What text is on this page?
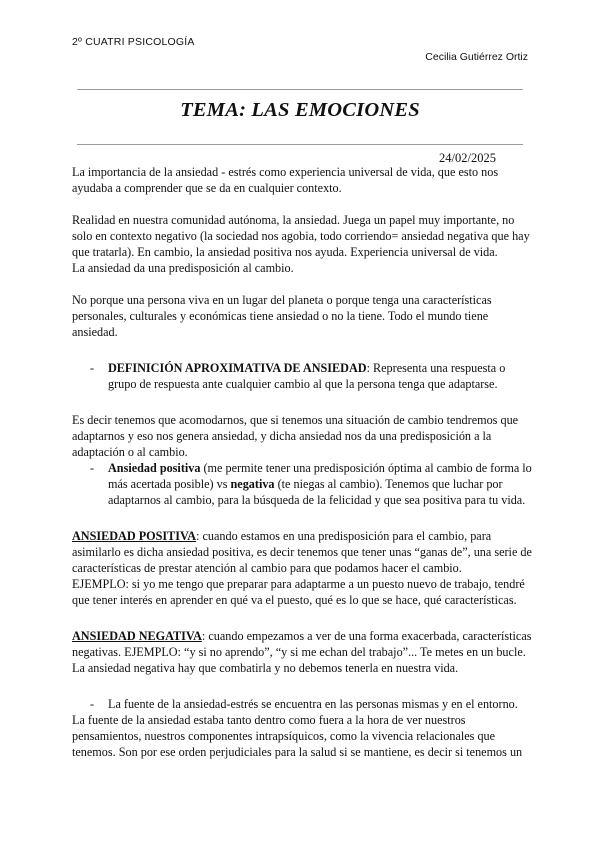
2º CUATRI PSICOLOGÍA
Cecilia Gutiérrez Ortiz
TEMA: LAS EMOCIONES
24/02/2025

La importancia de la ansiedad - estrés como experiencia universal de vida, que esto nos ayudaba a comprender que se da en cualquier contexto.

Realidad en nuestra comunidad autónoma, la ansiedad. Juega un papel muy importante, no solo en contexto negativo (la sociedad nos agobia, todo corriendo= ansiedad negativa que hay que tratarla). En cambio, la ansiedad positiva nos ayuda. Experiencia universal de vida.

La ansiedad da una predisposición al cambio.

No porque una persona viva en un lugar del planeta o porque tenga una características personales, culturales y económicas tiene ansiedad o no la tiene. Todo el mundo tiene ansiedad.

- DEFINICIÓN APROXIMATIVA DE ANSIEDAD: Representa una respuesta o grupo de respuesta ante cualquier cambio al que la persona tenga que adaptarse.

Es decir tenemos que acomodarnos, que si tenemos una situación de cambio tendremos que adaptarnos y eso nos genera ansiedad, y dicha ansiedad nos da una predisposición a la adaptación o al cambio.

- Ansiedad positiva (me permite tener una predisposición óptima al cambio de forma lo más acertada posible) vs negativa (te niegas al cambio). Tenemos que luchar por adaptarnos al cambio, para la búsqueda de la felicidad y que sea positiva para tu vida.

ANSIEDAD POSITIVA: cuando estamos en una predisposición para el cambio, para asimilarlo es dicha ansiedad positiva, es decir tenemos que tener unas “ganas de”, una serie de características de prestar atención al cambio para que podamos hacer el cambio.

EJEMPLO: si yo me tengo que preparar para adaptarme a un puesto nuevo de trabajo, tendré que tener interés en aprender en qué va el puesto, qué es lo que se hace, qué características.

ANSIEDAD NEGATIVA: cuando empezamos a ver de una forma exacerbada, características negativas. EJEMPLO: “y si no aprendo”, “y si me echan del trabajo”... Te metes en un bucle. La ansiedad negativa hay que combatirla y no debemos tenerla en nuestra vida.

- La fuente de la ansiedad-estrés se encuentra en las personas mismas y en el entorno.

La fuente de la ansiedad estaba tanto dentro como fuera a la hora de ver nuestros pensamientos, nuestros componentes intrapsíquicos, como la vivencia relacionales que tenemos. Son por ese orden perjudiciales para la salud si se mantiene, es decir si tenemos un
